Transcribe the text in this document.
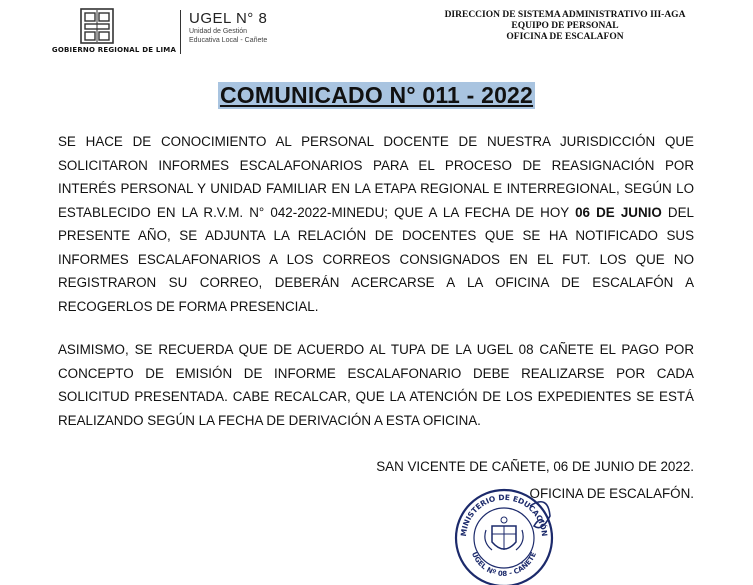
GOBIERNO REGIONAL DE LIMA
UGEL N° 8
Unidad de Gestión
Educativa Local - Cañete
DIRECCION DE SISTEMA ADMINISTRATIVO III-AGA
EQUIPO DE PERSONAL
OFICINA DE ESCALAFON
COMUNICADO N° 011 - 2022

SE HACE DE CONOCIMIENTO AL PERSONAL DOCENTE DE NUESTRA JURISDICCIÓN QUE SOLICITARON INFORMES ESCALAFONARIOS PARA EL PROCESO DE REASIGNACIÓN POR INTERÉS PERSONAL Y UNIDAD FAMILIAR EN LA ETAPA REGIONAL E INTERREGIONAL, SEGÚN LO ESTABLECIDO EN LA R.V.M. N° 042-2022-MINEDU; QUE A LA FECHA DE HOY 06 DE JUNIO DEL PRESENTE AÑO, SE ADJUNTA LA RELACIÓN DE DOCENTES QUE SE HA NOTIFICADO SUS INFORMES ESCALAFONARIOS A LOS CORREOS CONSIGNADOS EN EL FUT. LOS QUE NO REGISTRARON SU CORREO, DEBERÁN ACERCARSE A LA OFICINA DE ESCALAFÓN A RECOGERLOS DE FORMA PRESENCIAL.

ASIMISMO, SE RECUERDA QUE DE ACUERDO AL TUPA DE LA UGEL 08 CAÑETE EL PAGO POR CONCEPTO DE EMISIÓN DE INFORME ESCALAFONARIO DEBE REALIZARSE POR CADA SOLICITUD PRESENTADA. CABE RECALCAR, QUE LA ATENCIÓN DE LOS EXPEDIENTES SE ESTÁ REALIZANDO SEGÚN LA FECHA DE DERIVACIÓN A ESTA OFICINA.

SAN VICENTE DE CAÑETE, 06 DE JUNIO DE 2022.
OFICINA DE ESCALAFÓN.
MINISTERIO DE EDUCACIÓN
UGEL Nº 08 - CAÑETE
